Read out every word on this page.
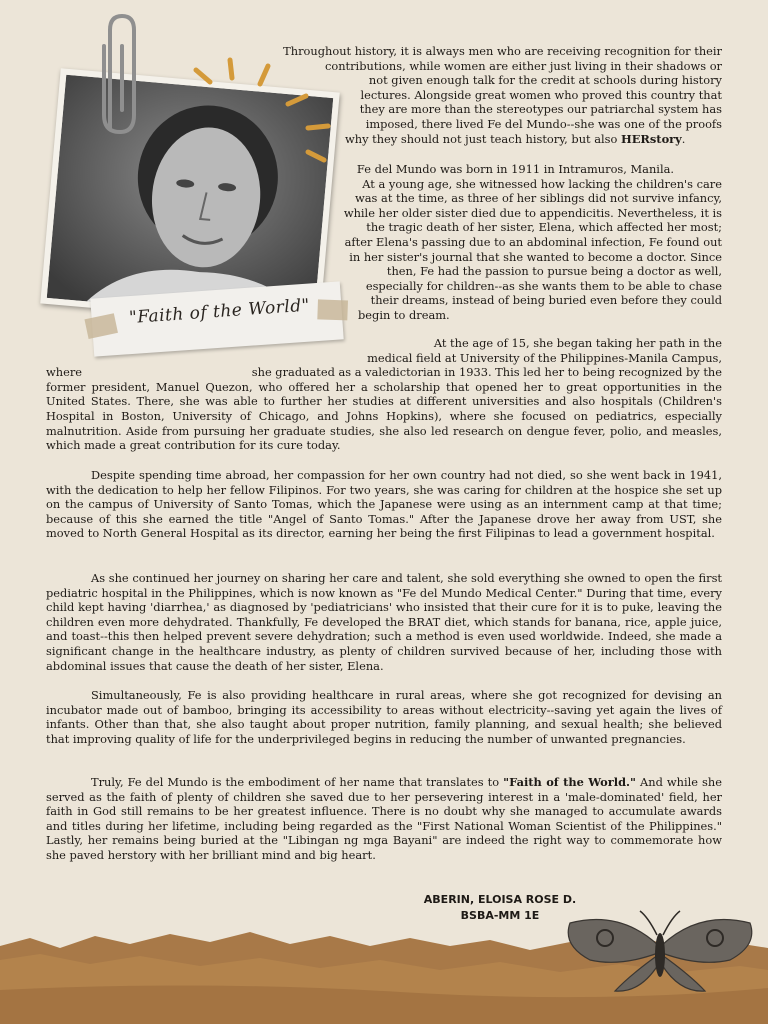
"Faith of the World"
Throughout history, it is always men who are receiving recognition for their
contributions, while women are either just living in their shadows or
not given enough talk for the credit at schools during history
lectures. Alongside great women who proved this country that
they are more than the stereotypes our patriarchal system has
imposed, there lived Fe del Mundo--she was one of the proofs
why they should not just teach history, but also HERstory.
Fe del Mundo was born in 1911 in Intramuros, Manila.
At a young age, she witnessed how lacking the children's care
was at the time, as three of her siblings did not survive infancy,
while her older sister died due to appendicitis. Nevertheless, it is
the tragic death of her sister, Elena, which affected her most;
after Elena's passing due to an abdominal infection, Fe found out
in her sister's journal that she wanted to become a doctor. Since
then, Fe had the passion to pursue being a doctor as well,
especially for children--as she wants them to be able to chase
their dreams, instead of being buried even before they could
begin to dream.
At the age of 15, she began taking her path in the
medical field at University of the Philippines-Manila Campus,
where	she graduated as a valedictorian in 1933. This led her to being recognized by the
former president, Manuel Quezon, who offered her a scholarship that opened her to great opportunities in the United States. There, she was able to further her studies at different universities and also hospitals (Children's Hospital in Boston, University of Chicago, and Johns Hopkins), where she focused on pediatrics, especially malnutrition. Aside from pursuing her graduate studies, she also led research on dengue fever, polio, and measles, which made a great contribution for its cure today.

Despite spending time abroad, her compassion for her own country had not died, so she went back in 1941, with the dedication to help her fellow Filipinos. For two years, she was caring for children at the hospice she set up on the campus of University of Santo Tomas, which the Japanese were using as an internment camp at that time; because of this she earned the title "Angel of Santo Tomas." After the Japanese drove her away from UST, she moved to North General Hospital as its director, earning her being the first Filipinas to lead a government hospital.

As she continued her journey on sharing her care and talent, she sold everything she owned to open the first pediatric hospital in the Philippines, which is now known as "Fe del Mundo Medical Center." During that time, every child kept having 'diarrhea,' as diagnosed by 'pediatricians' who insisted that their cure for it is to puke, leaving the children even more dehydrated. Thankfully, Fe developed the BRAT diet, which stands for banana, rice, apple juice, and toast--this then helped prevent severe dehydration; such a method is even used worldwide. Indeed, she made a significant change in the healthcare industry, as plenty of children survived because of her, including those with abdominal issues that cause the death of her sister, Elena.

Simultaneously, Fe is also providing healthcare in rural areas, where she got recognized for devising an incubator made out of bamboo, bringing its accessibility to areas without electricity--saving yet again the lives of infants. Other than that, she also taught about proper nutrition, family planning, and sexual health; she believed that improving quality of life for the underprivileged begins in reducing the number of unwanted pregnancies.

Truly, Fe del Mundo is the embodiment of her name that translates to "Faith of the World." And while she served as the faith of plenty of children she saved due to her persevering interest in a 'male-dominated' field, her faith in God still remains to be her greatest influence. There is no doubt why she managed to accumulate awards and titles during her lifetime, including being regarded as the "First National Woman Scientist of the Philippines." Lastly, her remains being buried at the "Libingan ng mga Bayani" are indeed the right way to commemorate how she paved herstory with her brilliant mind and big heart.

ABERIN, ELOISA ROSE D.
BSBA-MM 1E
